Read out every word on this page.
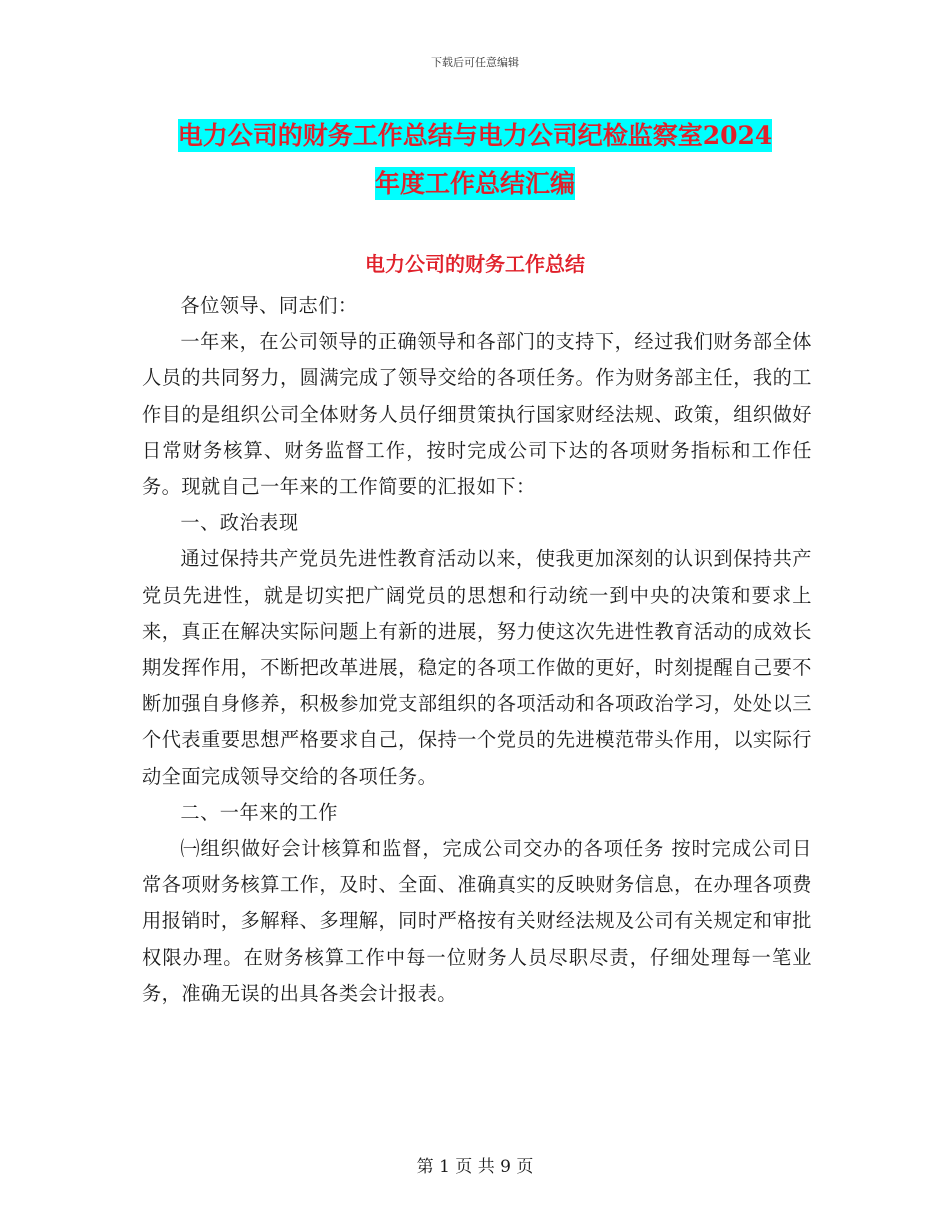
下载后可任意编辑
电力公司的财务工作总结与电力公司纪检监察室2024
年度工作总结汇编
电力公司的财务工作总结

各位领导、同志们：

一年来，在公司领导的正确领导和各部门的支持下，经过我们财务部全体人员的共同努力，圆满完成了领导交给的各项任务。作为财务部主任，我的工作目的是组织公司全体财务人员仔细贯策执行国家财经法规、政策，组织做好日常财务核算、财务监督工作，按时完成公司下达的各项财务指标和工作任务。现就自己一年来的工作简要的汇报如下：

一、政治表现

通过保持共产党员先进性教育活动以来，使我更加深刻的认识到保持共产党员先进性，就是切实把广阔党员的思想和行动统一到中央的决策和要求上来，真正在解决实际问题上有新的进展，努力使这次先进性教育活动的成效长期发挥作用，不断把改革进展，稳定的各项工作做的更好，时刻提醒自己要不断加强自身修养，积极参加党支部组织的各项活动和各项政治学习，处处以三个代表重要思想严格要求自己，保持一个党员的先进模范带头作用，以实际行动全面完成领导交给的各项任务。

二、一年来的工作

㈠组织做好会计核算和监督，完成公司交办的各项任务 按时完成公司日常各项财务核算工作，及时、全面、准确真实的反映财务信息，在办理各项费用报销时，多解释、多理解，同时严格按有关财经法规及公司有关规定和审批权限办理。在财务核算工作中每一位财务人员尽职尽责，仔细处理每一笔业务，准确无误的出具各类会计报表。

第 1 页 共 9 页
